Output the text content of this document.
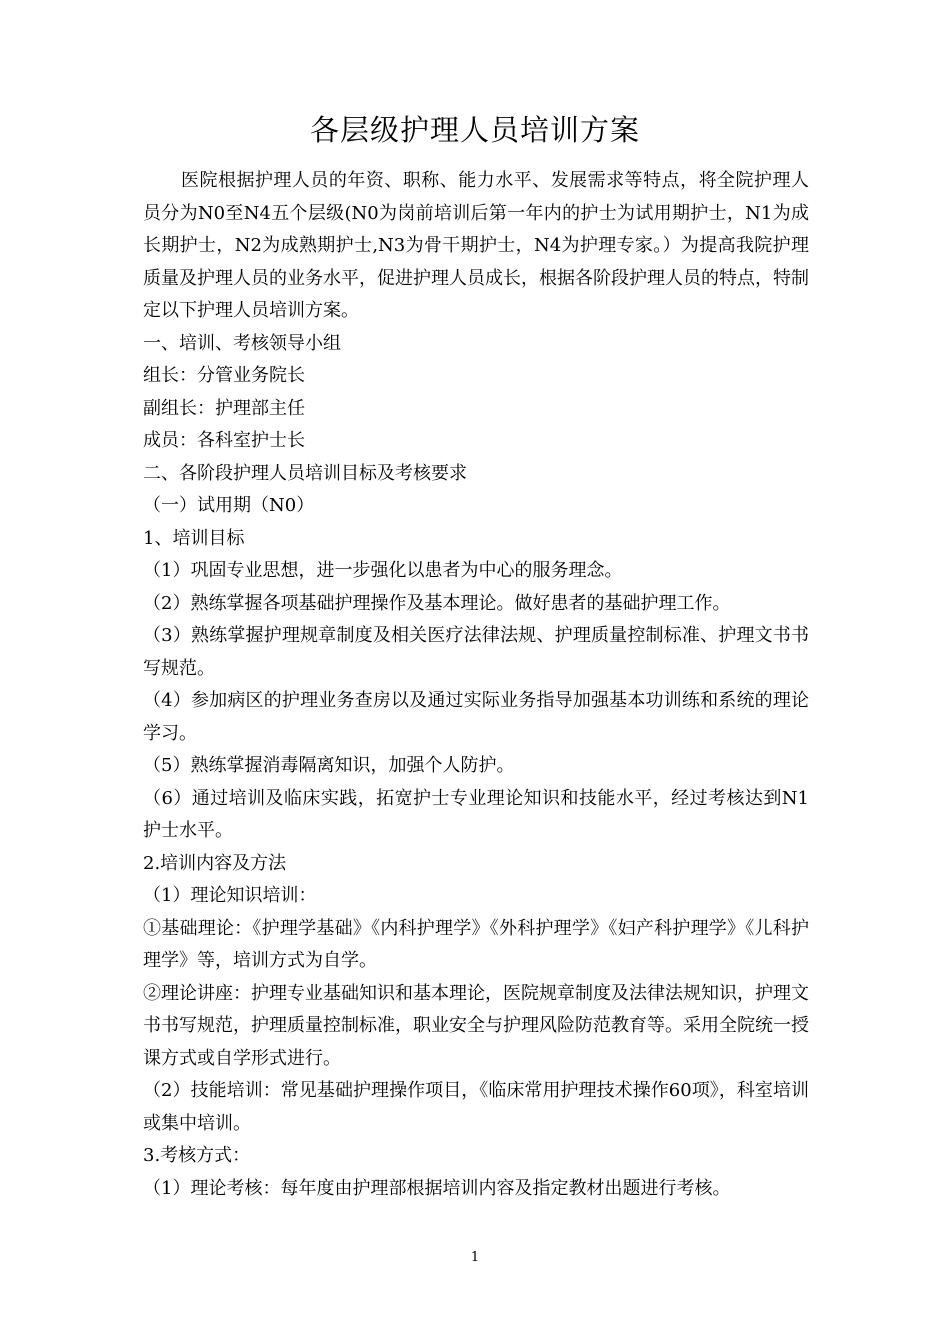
各层级护理人员培训方案

医院根据护理人员的年资、职称、能力水平、发展需求等特点，将全院护理人员分为N0至N4五个层级(N0为岗前培训后第一年内的护士为试用期护士，N1为成长期护士，N2为成熟期护士,N3为骨干期护士，N4为护理专家。）为提高我院护理质量及护理人员的业务水平，促进护理人员成长，根据各阶段护理人员的特点，特制定以下护理人员培训方案。

一、培训、考核领导小组

组长：分管业务院长

副组长：护理部主任

成员：各科室护士长

二、各阶段护理人员培训目标及考核要求

（一）试用期（N0）

1、培训目标

（1）巩固专业思想，进一步强化以患者为中心的服务理念。

（2）熟练掌握各项基础护理操作及基本理论。做好患者的基础护理工作。

（3）熟练掌握护理规章制度及相关医疗法律法规、护理质量控制标准、护理文书书写规范。

（4）参加病区的护理业务查房以及通过实际业务指导加强基本功训练和系统的理论学习。

（5）熟练掌握消毒隔离知识，加强个人防护。

（6）通过培训及临床实践，拓宽护士专业理论知识和技能水平，经过考核达到N1护士水平。

2.培训内容及方法

（1）理论知识培训：

①基础理论：《护理学基础》《内科护理学》《外科护理学》《妇产科护理学》《儿科护理学》等，培训方式为自学。

②理论讲座：护理专业基础知识和基本理论，医院规章制度及法律法规知识，护理文书书写规范，护理质量控制标准，职业安全与护理风险防范教育等。采用全院统一授课方式或自学形式进行。

（2）技能培训：常见基础护理操作项目，《临床常用护理技术操作60项》，科室培训或集中培训。

3.考核方式：

（1）理论考核：每年度由护理部根据培训内容及指定教材出题进行考核。

1
